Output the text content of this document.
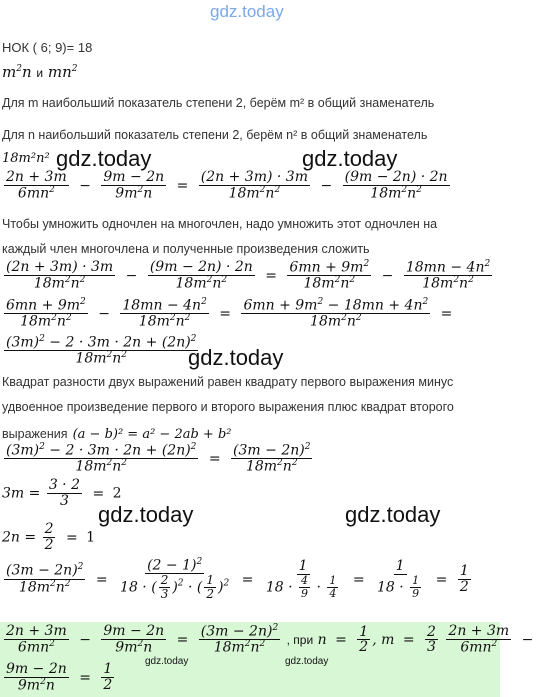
gdz.today
НОК ( 6; 9)= 18
$m^2n$ и $mn^2$
Для m наибольший показатель степени 2, берём m² в общий знаменатель
Для n наибольший показатель степени 2, берём n² в общий знаменатель
18m²n² gdz.today	gdz.today
$\frac{2n + 3m}{6mn^2} - \frac{9m - 2n}{9m^2n} = \frac{(2n + 3m) \cdot 3m}{18m^2n^2} - \frac{(9m - 2n) \cdot 2n}{18m^2n^2}$
Чтобы умножить одночлен на многочлен, надо умножить этот одночлен на
каждый член многочлена и полученные произведения сложить
$\frac{(2n + 3m) \cdot 3m}{18m^2n^2} - \frac{(9m - 2n) \cdot 2n}{18m^2n^2} = \frac{6mn + 9m^2}{18m^2n^2} - \frac{18mn - 4n^2}{18m^2n^2}$
$\frac{6mn + 9m^2}{18m^2n^2} - \frac{18mn - 4n^2}{18m^2n^2} = \frac{6mn + 9m^2 - 18mn + 4n^2}{18m^2n^2}$ =
$\frac{(3m)^2 - 2 \cdot 3m \cdot 2n + (2n)^2}{18m^2n^2}$
gdz.today
Квадрат разности двух выражений равен квадрату первого выражения минус
удвоенное произведение первого и второго выражения плюс квадрат второго
выражения (a − b)² = a² − 2ab + b²
$\frac{(3m)^2 - 2 \cdot 3m \cdot 2n + (2n)^2}{18m^2n^2} = \frac{(3m - 2n)^2}{18m^2n^2}$
$3m = \frac{3 \cdot 2}{3} = 2$
gdz.today	gdz.today
$2n = \frac{2}{2} = 1$
$\frac{(3m - 2n)^2}{18m^2n^2} = \frac{(2 - 1)^2}{18 \cdot ( \frac{2}{3} )^2 \cdot ( \frac{1}{2} )^2} = \frac{1}{18 \cdot \frac{4}{9} \cdot \frac{1}{4}} = \frac{1}{18 \cdot \frac{1}{9}} = \frac{1}{2}$
$\frac{2n + 3m}{6mn^2} - \frac{9m - 2n}{9m^2n} = \frac{(3m - 2n)^2}{18m^2n^2}$ , при $n = \frac{1}{2}$ , $m = \frac{2}{3}$
$\frac{2n + 3m}{6mn^2}$ −
gdz.today	gdz.today
$\frac{9m - 2n}{9m^2n} = \frac{1}{2}$
